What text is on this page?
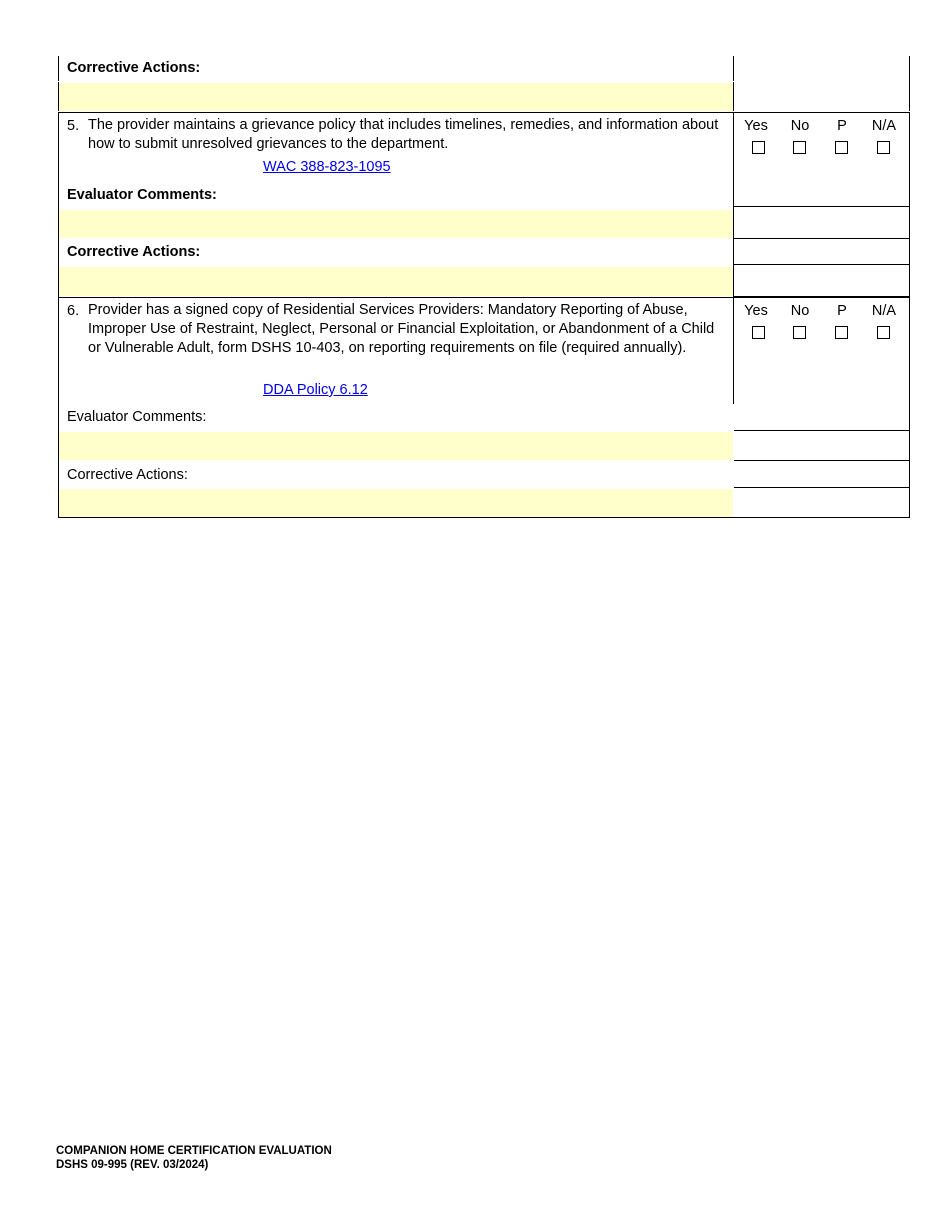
Corrective Actions:
5. The provider maintains a grievance policy that includes timelines, remedies, and information about how to submit unresolved grievances to the department.
WAC 388-823-1095
Yes	No	P	N/A
Evaluator Comments:
Corrective Actions:
6. Provider has a signed copy of Residential Services Providers: Mandatory Reporting of Abuse, Improper Use of Restraint, Neglect, Personal or Financial Exploitation, or Abandonment of a Child or Vulnerable Adult, form DSHS 10-403, on reporting requirements on file (required annually).
DDA Policy 6.12
Yes	No	P	N/A
Evaluator Comments:
Corrective Actions:
COMPANION HOME CERTIFICATION EVALUATION
DSHS 09-995 (REV. 03/2024)
